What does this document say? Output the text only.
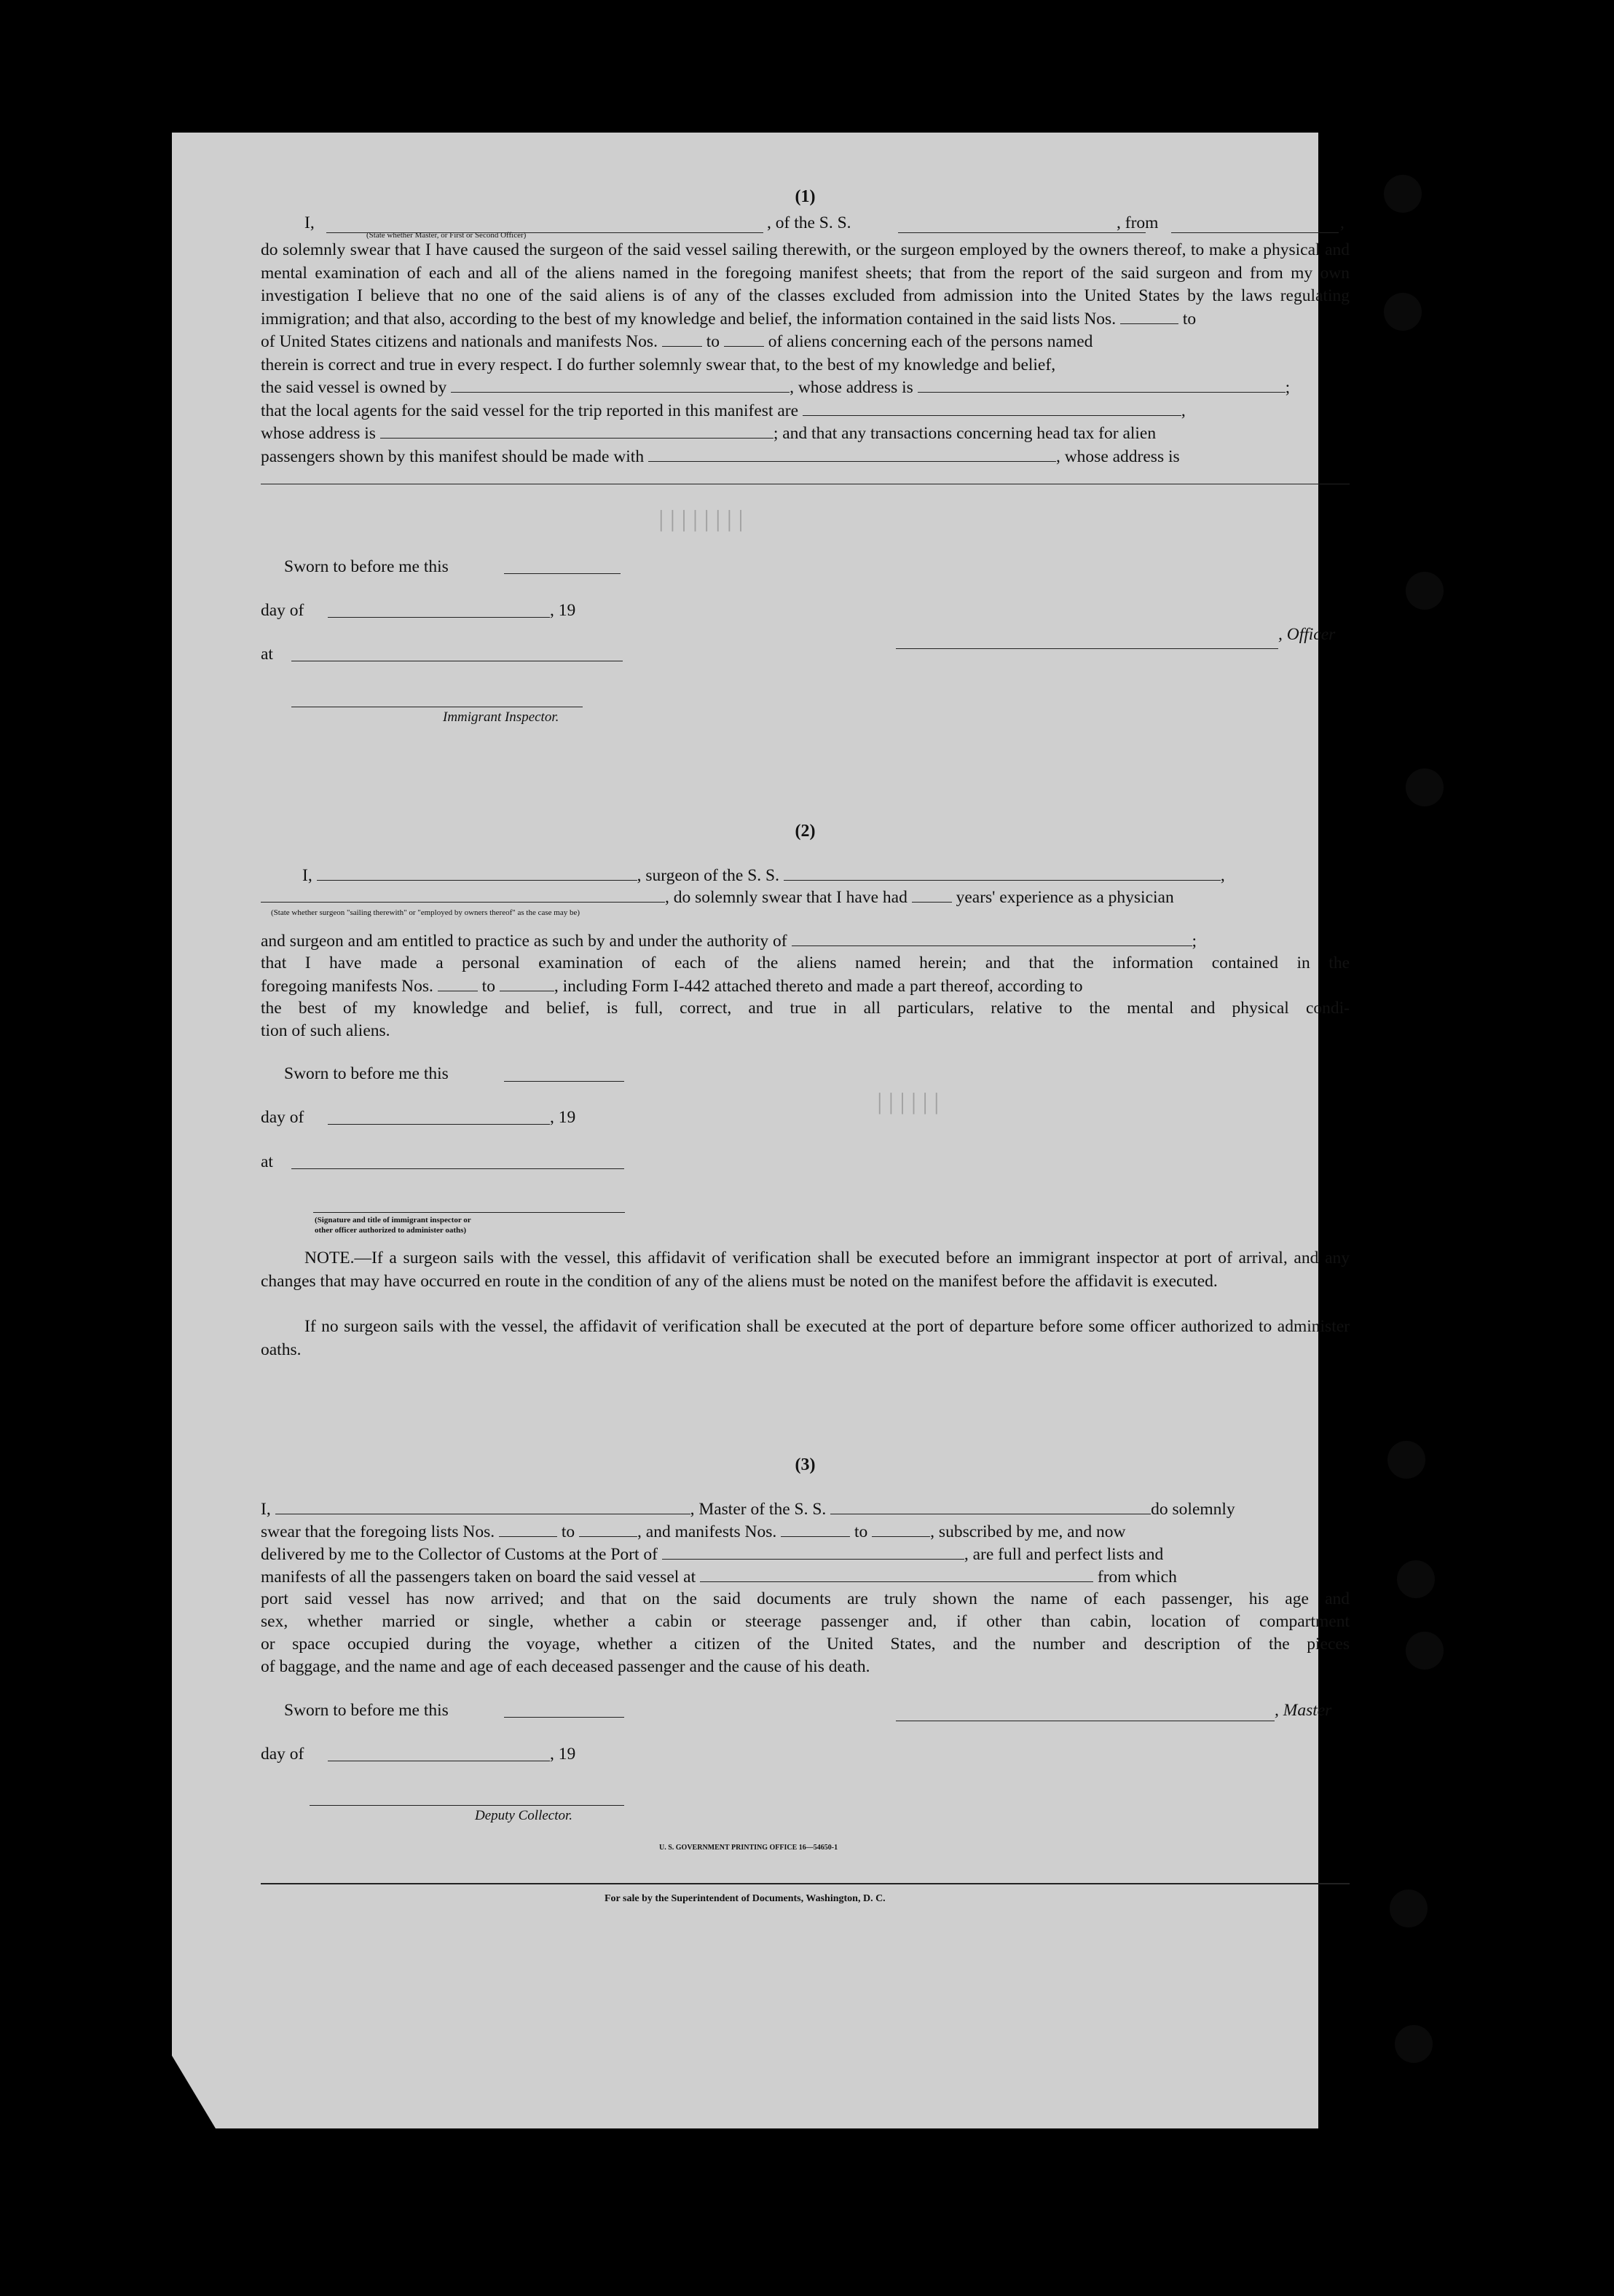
││││││││
││││││
(1)
I,	, of the S. S.	, from	,
(State whether Master, or First or Second Officer)
do solemnly swear that I have caused the surgeon of the said vessel sailing therewith, or the surgeon employed by the owners thereof, to make a physical and mental examination of each and all of the aliens named in the foregoing manifest sheets; that from the report of the said surgeon and from my own investigation I believe that no one of the said aliens is of any of the classes excluded from admission into the United States by the laws regulating immigration; and that also, according to the best of my knowledge and belief, the information contained in the said lists Nos.	to
of United States citizens and nationals and manifests Nos.	to	of aliens concerning each of the persons named
therein is correct and true in every respect. I do further solemnly swear that, to the best of my knowledge and belief,
the said vessel is owned by	, whose address is	;
that the local agents for the said vessel for the trip reported in this manifest are	,
whose address is	; and that any transactions concerning head tax for alien
passengers shown by this manifest should be made with	, whose address is
Sworn to before me this
day of	, 19
at
, Officer
Immigrant Inspector.
(2)
I,	, surgeon of the S. S.	,
, do solemnly swear that I have had	years' experience as a physician
(State whether surgeon "sailing therewith" or "employed by owners thereof" as the case may be)
and surgeon and am entitled to practice as such by and under the authority of	;
that I have made a personal examination of each of the aliens named herein; and that the information contained in the
foregoing manifests Nos.	to	, including Form I-442 attached thereto and made a part thereof, according to
the best of my knowledge and belief, is full, correct, and true in all particulars, relative to the mental and physical condi-
tion of such aliens.
Sworn to before me this
day of	, 19
at
(Signature and title of immigrant inspector or
other officer authorized to administer oaths)
NOTE.—If a surgeon sails with the vessel, this affidavit of verification shall be executed before an immigrant inspector at port of arrival, and any changes that may have occurred en route in the condition of any of the aliens must be noted on the manifest before the affidavit is executed.
If no surgeon sails with the vessel, the affidavit of verification shall be executed at the port of departure before some officer authorized to administer oaths.
(3)
I,	, Master of the S. S.	do solemnly
swear that the foregoing lists Nos.	to	, and manifests Nos.	to	, subscribed by me, and now
delivered by me to the Collector of Customs at the Port of	, are full and perfect lists and
manifests of all the passengers taken on board the said vessel at	from which
port said vessel has now arrived; and that on the said documents are truly shown the name of each passenger, his age and
sex, whether married or single, whether a cabin or steerage passenger and, if other than cabin, location of compartment
or space occupied during the voyage, whether a citizen of the United States, and the number and description of the pieces
of baggage, and the name and age of each deceased passenger and the cause of his death.
Sworn to before me this	, Master
day of	, 19
Deputy Collector.
U. S. GOVERNMENT PRINTING OFFICE 16—54650-1
For sale by the Superintendent of Documents, Washington, D. C.
